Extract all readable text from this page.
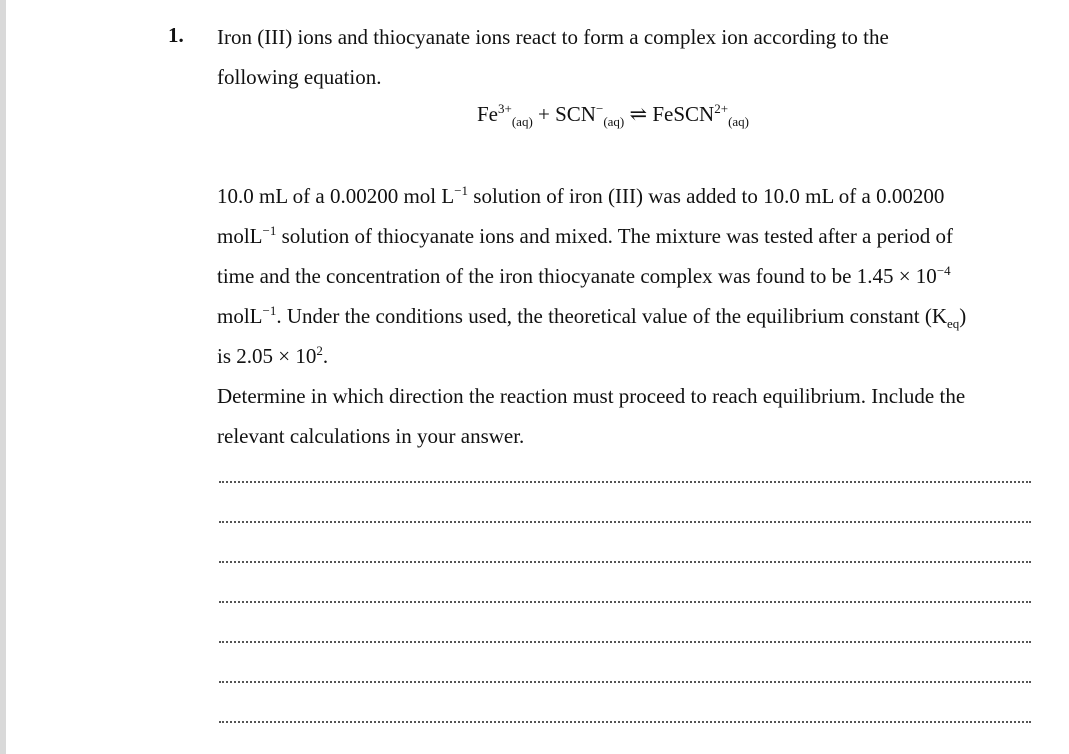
1. Iron (III) ions and thiocyanate ions react to form a complex ion according to the
following equation.
$Fe^{3+}_{(aq)} + SCN^-_{(aq)}$ ⇌ FeSCN$^{2+}_{(aq)}$
10.0 mL of a 0.00200 mol $L^{-1}$ solution of iron (III) was added to 10.0 mL of a 0.00200
molL$^{-1}$ solution of thiocyanate ions and mixed. The mixture was tested after a period of
time and the concentration of the iron thiocyanate complex was found to be $1.45 \times 10^{-4}$
molL$^{-1}$. Under the conditions used, the theoretical value of the equilibrium constant $(K_{eq})$
is $2.05 \times 10^2$.
Determine in which direction the reaction must proceed to reach equilibrium. Include the
relevant calculations in your answer.
